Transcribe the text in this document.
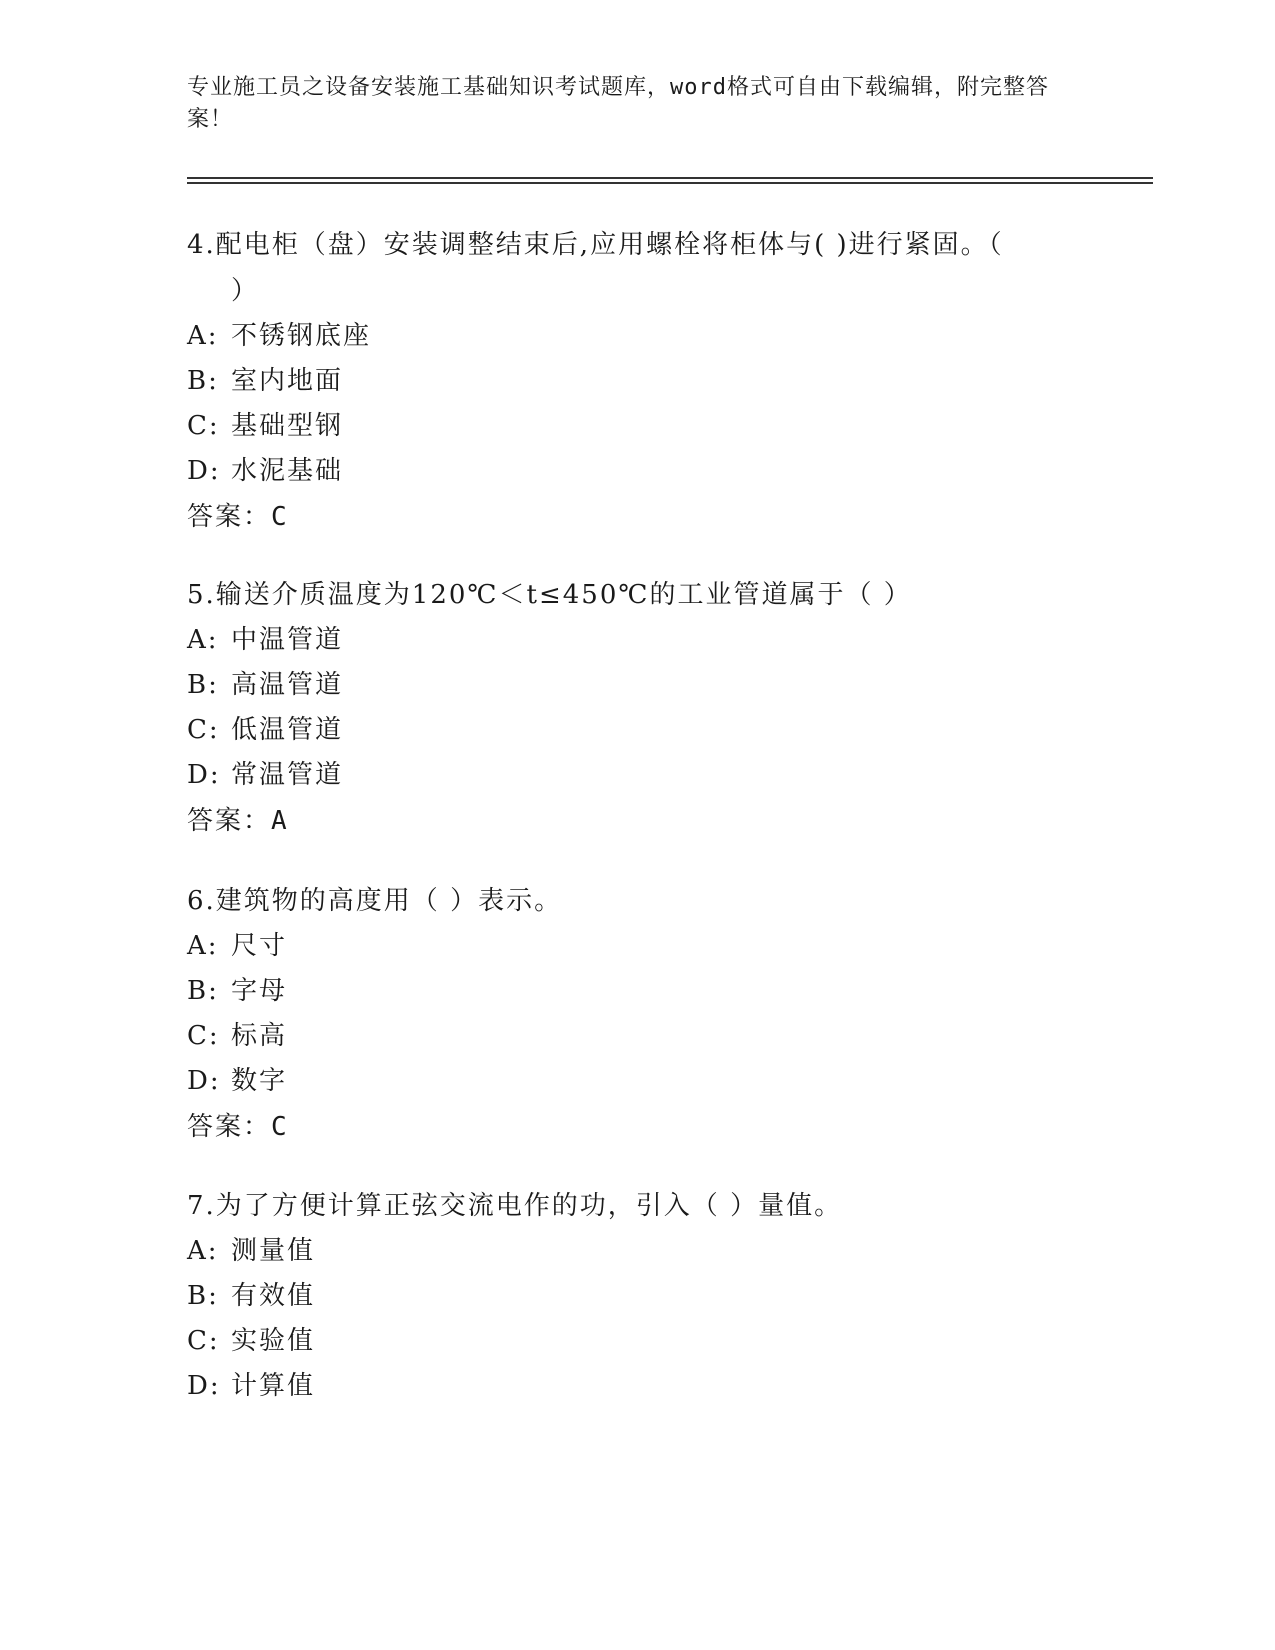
专业施工员之设备安装施工基础知识考试题库，word格式可自由下载编辑，附完整答案！

4.配电柜（盘）安装调整结束后,应用螺栓将柜体与( )进行紧固。（

）

A: 不锈钢底座

B: 室内地面

C: 基础型钢

D: 水泥基础

答案：C

5.输送介质温度为120℃＜t≤450℃的工业管道属于（ ）

A: 中温管道

B: 高温管道

C: 低温管道

D: 常温管道

答案：A

6.建筑物的高度用（ ）表示。

A: 尺寸

B: 字母

C: 标高

D: 数字

答案：C

7.为了方便计算正弦交流电作的功，引入（ ）量值。

A: 测量值

B: 有效值

C: 实验值

D: 计算值
